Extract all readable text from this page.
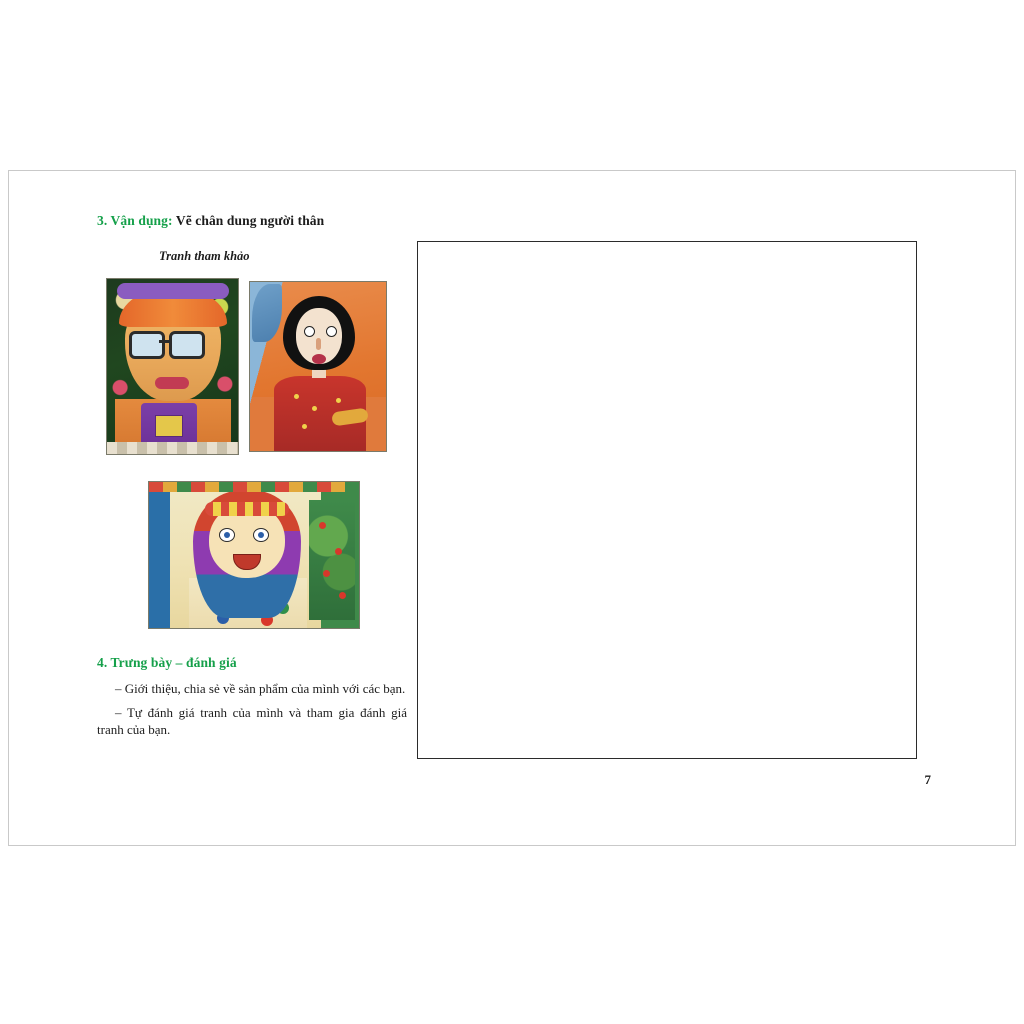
3. Vận dụng: Vẽ chân dung người thân
Tranh tham khảo
4. Trưng bày – đánh giá

– Giới thiệu, chia sẻ về sản phẩm của mình với các bạn.

– Tự đánh giá tranh của mình và tham gia đánh giá tranh của bạn.

7
